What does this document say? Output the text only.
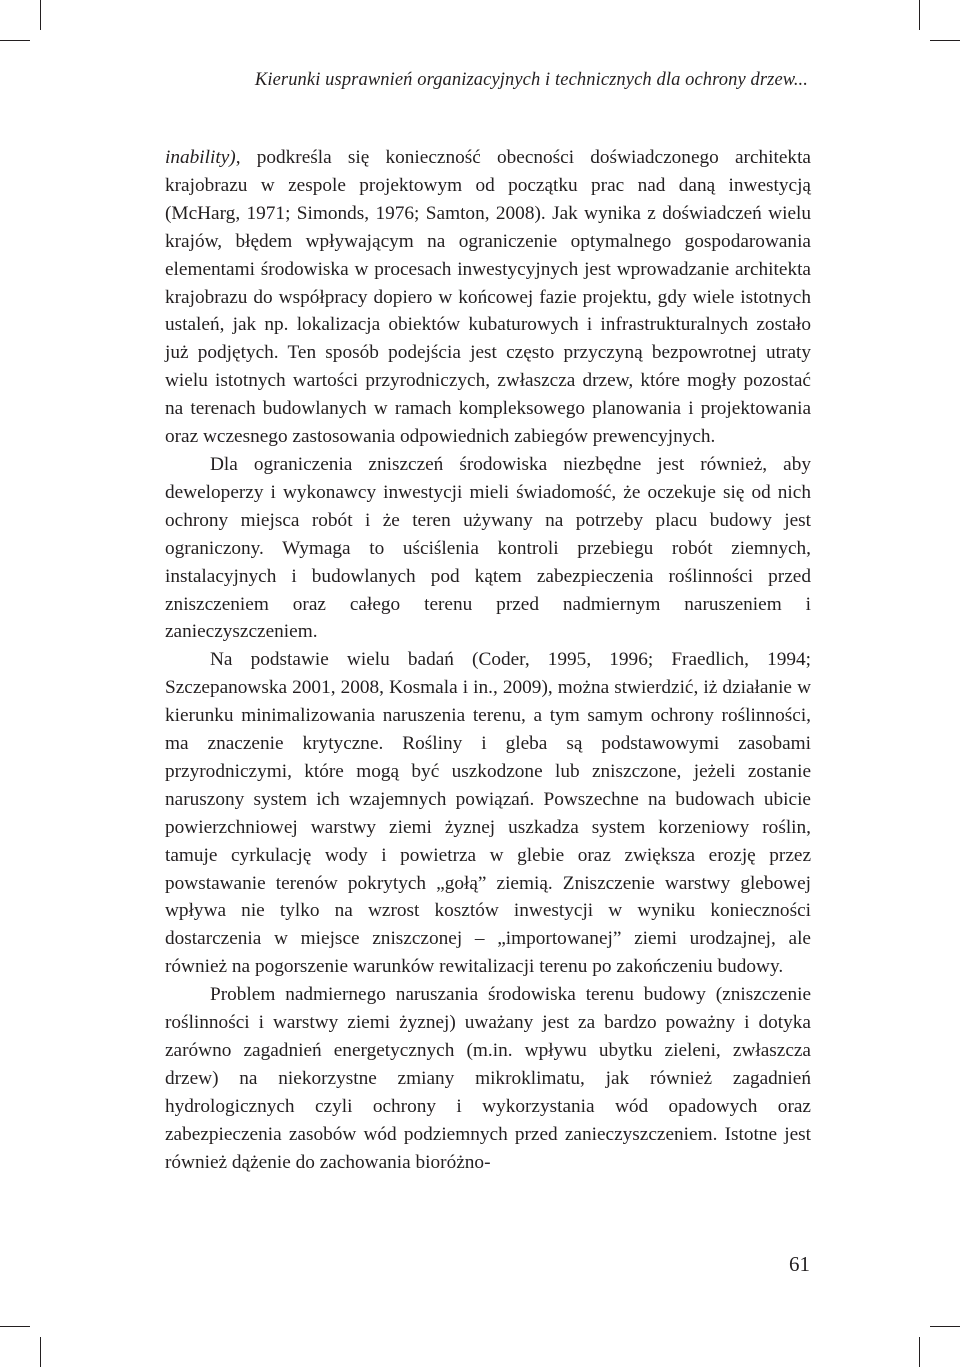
Kierunki usprawnień organizacyjnych i technicznych dla ochrony drzew...

inability), podkreśla się konieczność obecności doświadczonego architekta krajobrazu w zespole projektowym od początku prac nad daną inwestycją (McHarg, 1971; Simonds, 1976; Samton, 2008). Jak wynika z doświadczeń wielu krajów, błędem wpływającym na ograniczenie optymalnego gospodarowania elementami środowiska w procesach inwestycyjnych jest wprowadzanie architekta krajobrazu do współpracy dopiero w końcowej fazie projektu, gdy wiele istotnych ustaleń, jak np. lokalizacja obiektów kubaturowych i infrastrukturalnych zostało już podjętych. Ten sposób podejścia jest często przyczyną bezpowrotnej utraty wielu istotnych wartości przyrodniczych, zwłaszcza drzew, które mogły pozostać na terenach budowlanych w ramach kompleksowego planowania i projektowania oraz wczesnego zastosowania odpowiednich zabiegów prewencyjnych.

Dla ograniczenia zniszczeń środowiska niezbędne jest również, aby deweloperzy i wykonawcy inwestycji mieli świadomość, że oczekuje się od nich ochrony miejsca robót i że teren używany na potrzeby placu budowy jest ograniczony. Wymaga to uściślenia kontroli przebiegu robót ziemnych, instalacyjnych i budowlanych pod kątem zabezpieczenia roślinności przed zniszczeniem oraz całego terenu przed nadmiernym naruszeniem i zanieczyszczeniem.

Na podstawie wielu badań (Coder, 1995, 1996; Fraedlich, 1994; Szczepanowska 2001, 2008, Kosmala i in., 2009), można stwierdzić, iż działanie w kierunku minimalizowania naruszenia terenu, a tym samym ochrony roślinności, ma znaczenie krytyczne. Rośliny i gleba są podstawowymi zasobami przyrodniczymi, które mogą być uszkodzone lub zniszczone, jeżeli zostanie naruszony system ich wzajemnych powiązań. Powszechne na budowach ubicie powierzchniowej warstwy ziemi żyznej uszkadza system korzeniowy roślin, tamuje cyrkulację wody i powietrza w glebie oraz zwiększa erozję przez powstawanie terenów pokrytych „gołą” ziemią. Zniszczenie warstwy glebowej wpływa nie tylko na wzrost kosztów inwestycji w wyniku konieczności dostarczenia w miejsce zniszczonej – „importowanej” ziemi urodzajnej, ale również na pogorszenie warunków rewitalizacji terenu po zakończeniu budowy.

Problem nadmiernego naruszania środowiska terenu budowy (zniszczenie roślinności i warstwy ziemi żyznej) uważany jest za bardzo poważny i dotyka zarówno zagadnień energetycznych (m.in. wpływu ubytku zieleni, zwłaszcza drzew) na niekorzystne zmiany mikroklimatu, jak również zagadnień hydrologicznych czyli ochrony i wykorzystania wód opadowych oraz zabezpieczenia zasobów wód podziemnych przed zanieczyszczeniem. Istotne jest również dążenie do zachowania bioróżno-

61
